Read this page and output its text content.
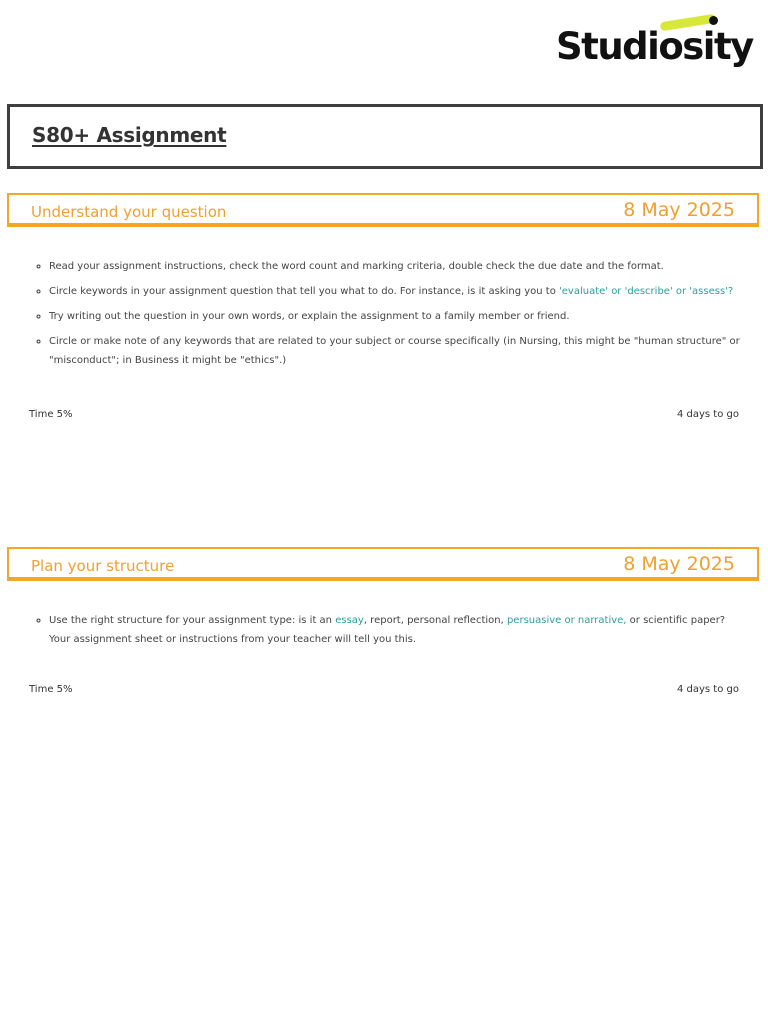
Studiosity
S80+ Assignment
Understand your question	8 May 2025
◦ Read your assignment instructions, check the word count and marking criteria, double check the due date and the format.
◦ Circle keywords in your assignment question that tell you what to do. For instance, is it asking you to 'evaluate' or 'describe' or 'assess'?
◦ Try writing out the question in your own words, or explain the assignment to a family member or friend.
◦ Circle or make note of any keywords that are related to your subject or course specifically (in Nursing, this might be "human structure" or "misconduct"; in Business it might be "ethics".)
Time 5%	4 days to go
Plan your structure	8 May 2025
◦ Use the right structure for your assignment type: is it an essay, report, personal reflection, persuasive or narrative, or scientific paper? Your assignment sheet or instructions from your teacher will tell you this.
Time 5%	4 days to go
